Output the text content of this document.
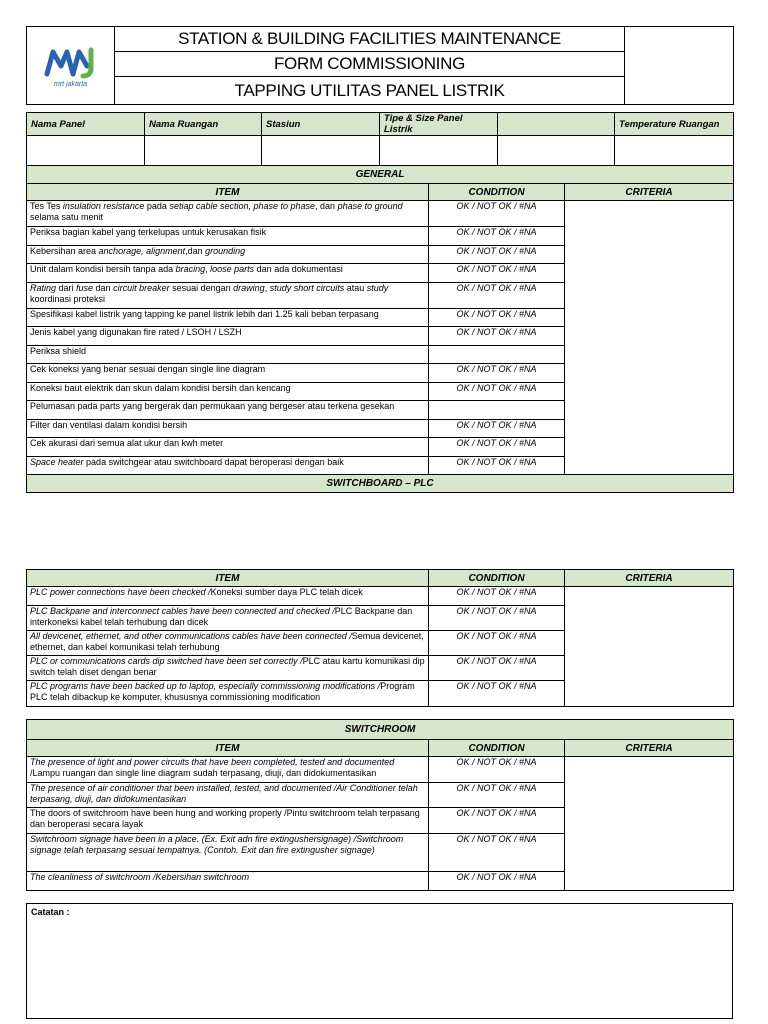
mrt jakarta
	STATION & BUILDING FACILITIES MAINTENANCE	
FORM COMMISSIONING
TAPPING UTILITAS PANEL LISTRIK
Nama Panel	Nama Ruangan	Stasiun	Tipe & Size Panel Listrik		Temperature Ruangan

GENERAL		
ITEM	CONDITION	CRITERIA
Tes Tes insulation resistance pada setiap cable section, phase to phase, dan phase to ground selama satu menit	OK / NOT OK / #NA	
Periksa bagian kabel yang terkelupas untuk kerusakan fisik	OK / NOT OK / #NA	
Kebersihan area anchorage, alignment,dan grounding	OK / NOT OK / #NA	
Unit dalam kondisi bersih tanpa ada bracing, loose parts dan ada dokumentasi	OK / NOT OK / #NA	
Rating dari fuse dan circuit breaker sesuai dengan drawing, study short circuits atau study koordinasi proteksi	OK / NOT OK / #NA	
Spesifikasi kabel listrik yang tapping ke panel listrik lebih dari 1.25 kali beban terpasang	OK / NOT OK / #NA	
Jenis kabel yang digunakan fire rated / LSOH / LSZH	OK / NOT OK / #NA	
Periksa shield		
Cek koneksi yang benar sesuai dengan single line diagram	OK / NOT OK / #NA	
Koneksi baut elektrik dan skun dalam kondisi bersih dan kencang	OK / NOT OK / #NA	
Pelumasan pada parts yang bergerak dan permukaan yang bergeser atau terkena gesekan		
Filter dan ventilasi dalam kondisi bersih	OK / NOT OK / #NA	
Cek akurasi dari semua alat ukur dan kwh meter	OK / NOT OK / #NA	
Space heater pada switchgear atau switchboard dapat beroperasi dengan baik	OK / NOT OK / #NA	
SWITCHBOARD – PLC		
ITEM	CONDITION	CRITERIA
PLC power connections have been checked /Koneksi sumber daya PLC telah dicek	OK / NOT OK / #NA	
PLC Backpane and interconnect cables have been connected and checked /PLC Backpane dan interkoneksi kabel telah terhubung dan dicek	OK / NOT OK / #NA	
All devicenet, ethernet, and other communications cables have been connected /Semua devicenet, ethernet, dan kabel komunikasi telah terhubung	OK / NOT OK / #NA	
PLC or communications cards dip switched have been set correctly /PLC atau kartu komunikasi dip switch telah diset dengan benar	OK / NOT OK / #NA	
PLC programs have been backed up to laptop, especially commissioning modifications /Program PLC telah dibackup ke komputer, khususnya commissioning modification	OK / NOT OK / #NA	
SWITCHROOM		
ITEM	CONDITION	CRITERIA
The presence of light and power circuits that have been completed, tested and documented
/Lampu ruangan dan single line diagram sudah terpasang, diuji, dan didokumentasikan	OK / NOT OK / #NA	
The presence of air conditioner that been installed, tested, and documented /Air Conditioner telah terpasang, diuji, dan didokumentasikan	OK / NOT OK / #NA	
The doors of switchroom have been hung and working properly /Pintu switchroom telah terpasang dan beroperasi secara layak	OK / NOT OK / #NA	
Switchroom signage have been in a place. (Ex. Exit adn fire extingushersignage) /Switchroom signage telah terpasang sesuai tempatnya. (Contoh. Exit dan fire extingusher signage)	OK / NOT OK / #NA	
The cleanliness of switchroom /Kebersihan switchroom	OK / NOT OK / #NA	
Catatan :
